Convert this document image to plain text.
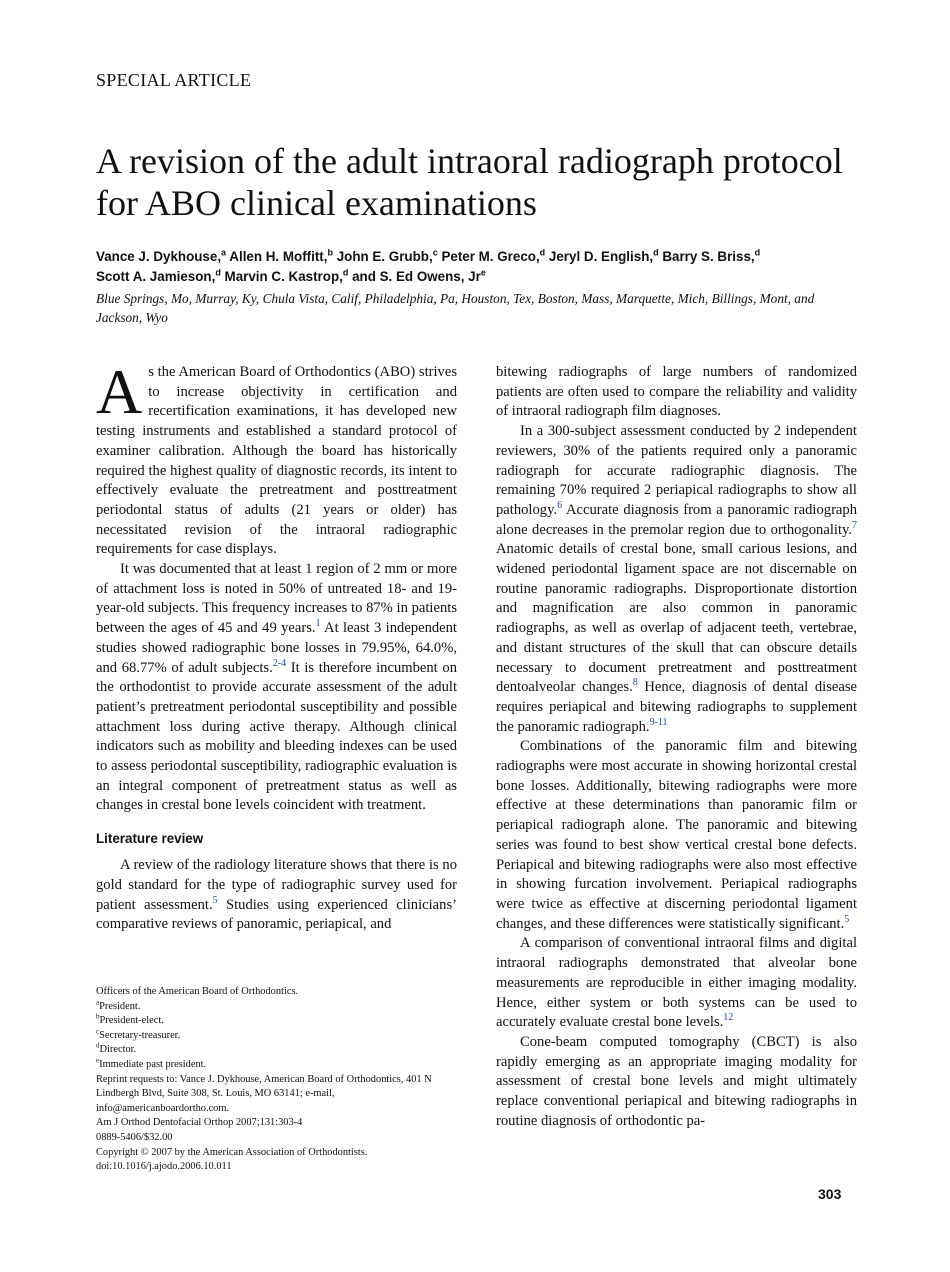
SPECIAL ARTICLE
A revision of the adult intraoral radiograph protocol for ABO clinical examinations
Vance J. Dykhouse,$^a$ Allen H. Moffitt,$^b$ John E. Grubb,$^c$ Peter M. Greco,$^d$ Jeryl D. English,$^d$ Barry S. Briss,$^d$
Scott A. Jamieson,$^d$ Marvin C. Kastrop,$^d$ and S. Ed Owens, Jr$^e$
Blue Springs, Mo, Murray, Ky, Chula Vista, Calif, Philadelphia, Pa, Houston, Tex, Boston, Mass, Marquette, Mich, Billings, Mont, and Jackson, Wyo

As the American Board of Orthodontics (ABO) strives to increase objectivity in certification and recertification examinations, it has developed new testing instruments and established a standard protocol of examiner calibration. Although the board has historically required the highest quality of diagnostic records, its intent to effectively evaluate the pretreatment and posttreatment periodontal status of adults (21 years or older) has necessitated revision of the intraoral radiographic requirements for case displays.

It was documented that at least 1 region of 2 mm or more of attachment loss is noted in 50% of untreated 18- and 19-year-old subjects. This frequency increases to 87% in patients between the ages of 45 and 49 years.$^1$ At least 3 independent studies showed radiographic bone losses in 79.95%, 64.0%, and 68.77% of adult subjects.$^{2-4}$ It is therefore incumbent on the orthodontist to provide accurate assessment of the adult patient’s pretreatment periodontal susceptibility and possible attachment loss during active therapy. Although clinical indicators such as mobility and bleeding indexes can be used to assess periodontal susceptibility, radiographic evaluation is an integral component of pretreatment status as well as changes in crestal bone levels coincident with treatment.

Literature review

A review of the radiology literature shows that there is no gold standard for the type of radiographic survey used for patient assessment.$^5$ Studies using experienced clinicians’ comparative reviews of panoramic, periapical, and

bitewing radiographs of large numbers of randomized patients are often used to compare the reliability and validity of intraoral radiograph film diagnoses.

In a 300-subject assessment conducted by 2 independent reviewers, 30% of the patients required only a panoramic radiograph for accurate radiographic diagnosis. The remaining 70% required 2 periapical radiographs to show all pathology.$^6$ Accurate diagnosis from a panoramic radiograph alone decreases in the premolar region due to orthogonality.$^7$ Anatomic details of crestal bone, small carious lesions, and widened periodontal ligament space are not discernable on routine panoramic radiographs. Disproportionate distortion and magnification are also common in panoramic radiographs, as well as overlap of adjacent teeth, vertebrae, and distant structures of the skull that can obscure details necessary to document pretreatment and posttreatment dentoalveolar changes.$^8$ Hence, diagnosis of dental disease requires periapical and bitewing radiographs to supplement the panoramic radiograph.$^{9-11}$

Combinations of the panoramic film and bitewing radiographs were most accurate in showing horizontal crestal bone losses. Additionally, bitewing radiographs were more effective at these determinations than panoramic film or periapical radiograph alone. The panoramic and bitewing series was found to best show vertical crestal bone defects. Periapical and bitewing radiographs were also most effective in showing furcation involvement. Periapical radiographs were twice as effective at discerning periodontal ligament changes, and these differences were statistically significant.$^5$

A comparison of conventional intraoral films and digital intraoral radiographs demonstrated that alveolar bone measurements are reproducible in either imaging modality. Hence, either system or both systems can be used to accurately evaluate crestal bone levels.$^{12}$

Cone-beam computed tomography (CBCT) is also rapidly emerging as an appropriate imaging modality for assessment of crestal bone levels and might ultimately replace conventional periapical and bitewing radiographs in routine diagnosis of orthodontic pa-

Officers of the American Board of Orthodontics.
$^a$President.
$^b$President-elect.
$^c$Secretary-treasurer.
$^d$Director.
$^e$Immediate past president.
Reprint requests to: Vance J. Dykhouse, American Board of Orthodontics, 401 N Lindbergh Blvd, Suite 308, St. Louis, MO 63141; e-mail, info@americanboardortho.com.
Am J Orthod Dentofacial Orthop 2007;131:303-4
0889-5406/$32.00
Copyright © 2007 by the American Association of Orthodontists.
doi:10.1016/j.ajodo.2006.10.011
303
